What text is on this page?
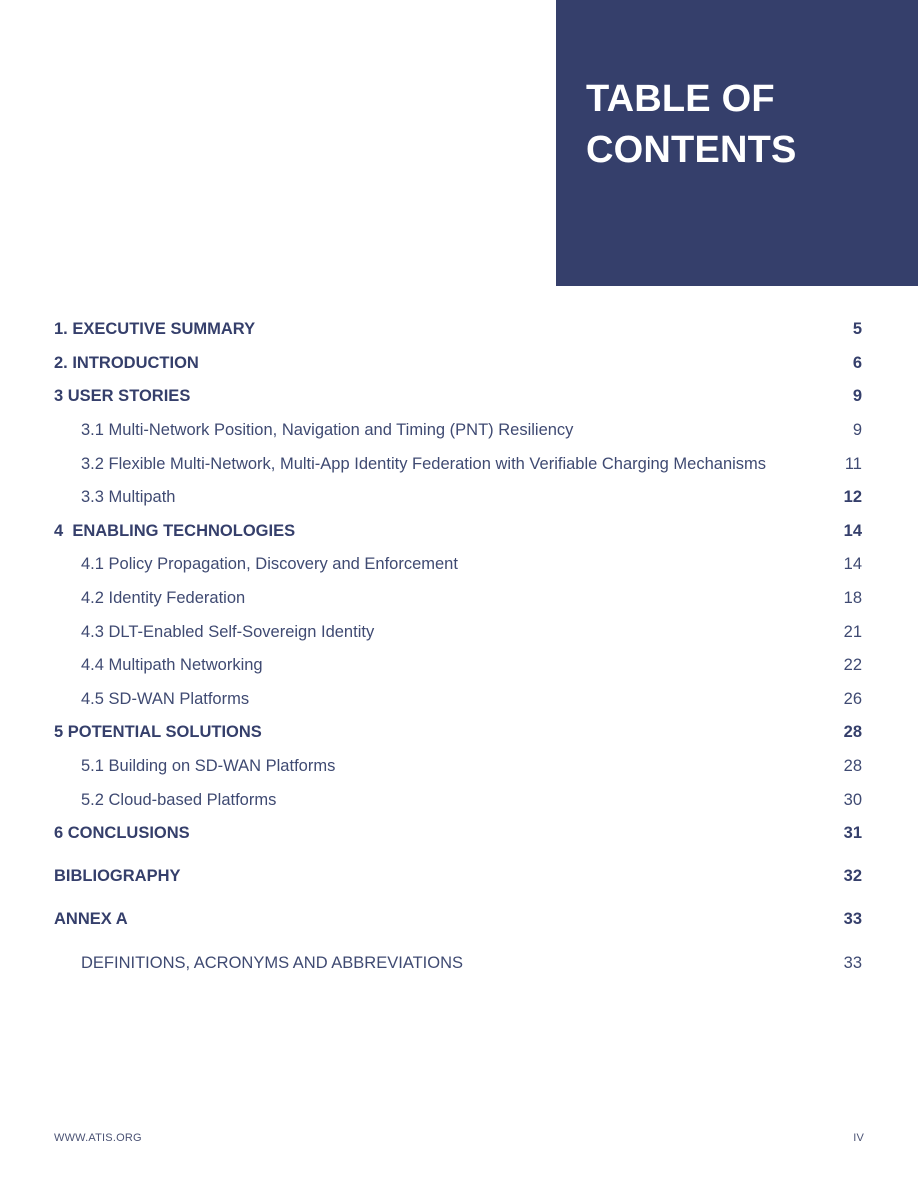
TABLE OF
CONTENTS
1. EXECUTIVE SUMMARY	5
2. INTRODUCTION	6
3 USER STORIES	9
3.1 Multi-Network Position, Navigation and Timing (PNT) Resiliency	9
3.2 Flexible Multi-Network, Multi-App Identity Federation with Verifiable Charging Mechanisms	11
3.3 Multipath	12
4  ENABLING TECHNOLOGIES	14
4.1 Policy Propagation, Discovery and Enforcement	14
4.2 Identity Federation	18
4.3 DLT-Enabled Self-Sovereign Identity	21
4.4 Multipath Networking	22
4.5 SD-WAN Platforms	26
5 POTENTIAL SOLUTIONS	28
5.1 Building on SD-WAN Platforms	28
5.2 Cloud-based Platforms	30
6 CONCLUSIONS	31
BIBLIOGRAPHY	32
ANNEX A	33
DEFINITIONS, ACRONYMS AND ABBREVIATIONS	33
WWW.ATIS.ORG	IV
